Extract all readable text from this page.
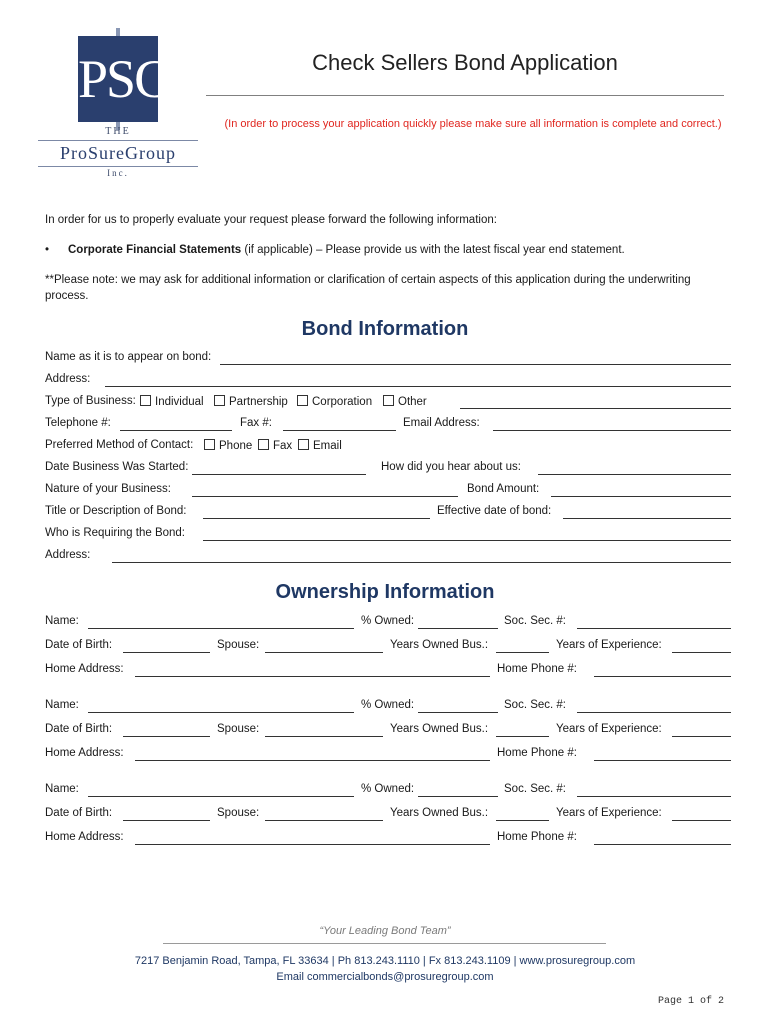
PSG
THE
ProSureGroup
Inc.
Check Sellers Bond Application
(In order to process your application quickly please make sure all information is complete and correct.)
In order for us to properly evaluate your request please forward the following information:
• Corporate Financial Statements (if applicable) – Please provide us with the latest fiscal year end statement.
**Please note: we may ask for additional information or clarification of certain aspects of this application during the underwriting process.
Bond Information
Name as it is to appear on bond:
Address:
Type of Business:	Individual	Partnership	Corporation	Other
Telephone #:	Fax #:	Email Address:
Preferred Method of Contact:	Phone	Fax	Email
Date Business Was Started:	How did you hear about us:
Nature of your Business:	Bond Amount:
Title or Description of Bond:	Effective date of bond:
Who is Requiring the Bond:
Address:
Ownership Information
Name:	% Owned:	Soc. Sec. #:
Date of Birth:	Spouse:	Years Owned Bus.:	Years of Experience:
Home Address:	Home Phone #:
Name:	% Owned:	Soc. Sec. #:
Date of Birth:	Spouse:	Years Owned Bus.:	Years of Experience:
Home Address:	Home Phone #:
Name:	% Owned:	Soc. Sec. #:
Date of Birth:	Spouse:	Years Owned Bus.:	Years of Experience:
Home Address:	Home Phone #:
“Your Leading Bond Team”
7217 Benjamin Road, Tampa, FL 33634 | Ph 813.243.1110 | Fx 813.243.1109 | www.prosuregroup.com
Email commercialbonds@prosuregroup.com
Page 1 of 2
